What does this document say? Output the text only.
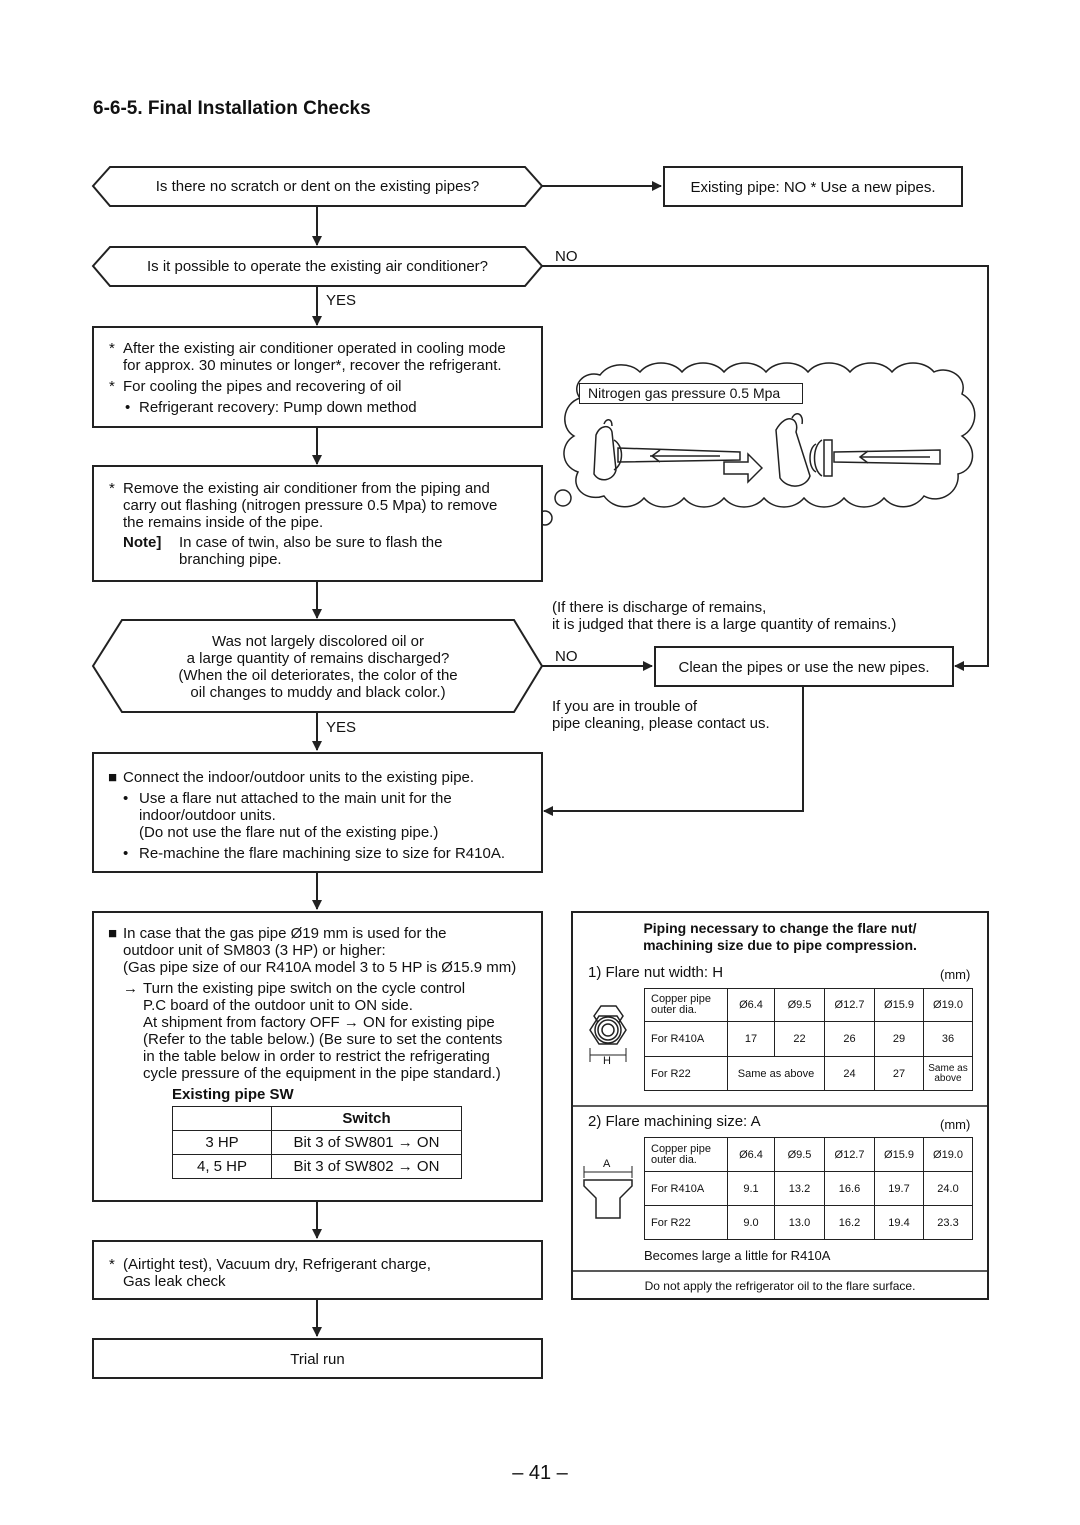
6-6-5. Final Installation Checks
Is there no scratch or dent on the existing pipes?	Existing pipe: NO * Use a new pipes.
Is it possible to operate the existing air conditioner?
NO
YES
* After the existing air conditioner operated in cooling mode
for approx. 30 minutes or longer*, recover the refrigerant.
* For cooling the pipes and recovering of oil
• Refrigerant recovery: Pump down method
Nitrogen gas pressure 0.5 Mpa
* Remove the existing air conditioner from the piping and
carry out flashing (nitrogen pressure 0.5 Mpa) to remove
the remains inside of the pipe.
Note] In case of twin, also be sure to flash the
branching pipe.
(If there is discharge of remains,
it is judged that there is a large quantity of remains.)
Was not largely discolored oil or
a large quantity of remains discharged?
(When the oil deteriorates, the color of the
oil changes to muddy and black color.)
NO
YES
Clean the pipes or use the new pipes.
If you are in trouble of
pipe cleaning, please contact us.
■ Connect the indoor/outdoor units to the existing pipe.
• Use a flare nut attached to the main unit for the
indoor/outdoor units.
(Do not use the flare nut of the existing pipe.)
• Re-machine the flare machining size to size for R410A.
■ In case that the gas pipe Ø19 mm is used for the
outdoor unit of SM803 (3 HP) or higher:
(Gas pipe size of our R410A model 3 to 5 HP is Ø15.9 mm)
→ Turn the existing pipe switch on the cycle control
P.C board of the outdoor unit to ON side.
At shipment from factory OFF → ON for existing pipe
(Refer to the table below.) (Be sure to set the contents
in the table below in order to restrict the refrigerating
cycle pressure of the equipment in the pipe standard.)
Existing pipe SW
	Switch
3 HP	Bit 3 of SW801 → ON
4, 5 HP	Bit 3 of SW802 → ON
* (Airtight test), Vacuum dry, Refrigerant charge,
Gas leak check
Trial run
Piping necessary to change the flare nut/
machining size due to pipe compression.
1) Flare nut width: H	(mm)
H
Copper pipe outer dia.	Ø6.4	Ø9.5	Ø12.7	Ø15.9	Ø19.0
For R410A	17	22	26	29	36
For R22	Same as above		24	27	Same as above
2) Flare machining size: A	(mm)
A
Copper pipe outer dia.	Ø6.4	Ø9.5	Ø12.7	Ø15.9	Ø19.0
For R410A	9.1	13.2	16.6	19.7	24.0
For R22	9.0	13.0	16.2	19.4	23.3
Becomes large a little for R410A
Do not apply the refrigerator oil to the flare surface.
– 41 –
